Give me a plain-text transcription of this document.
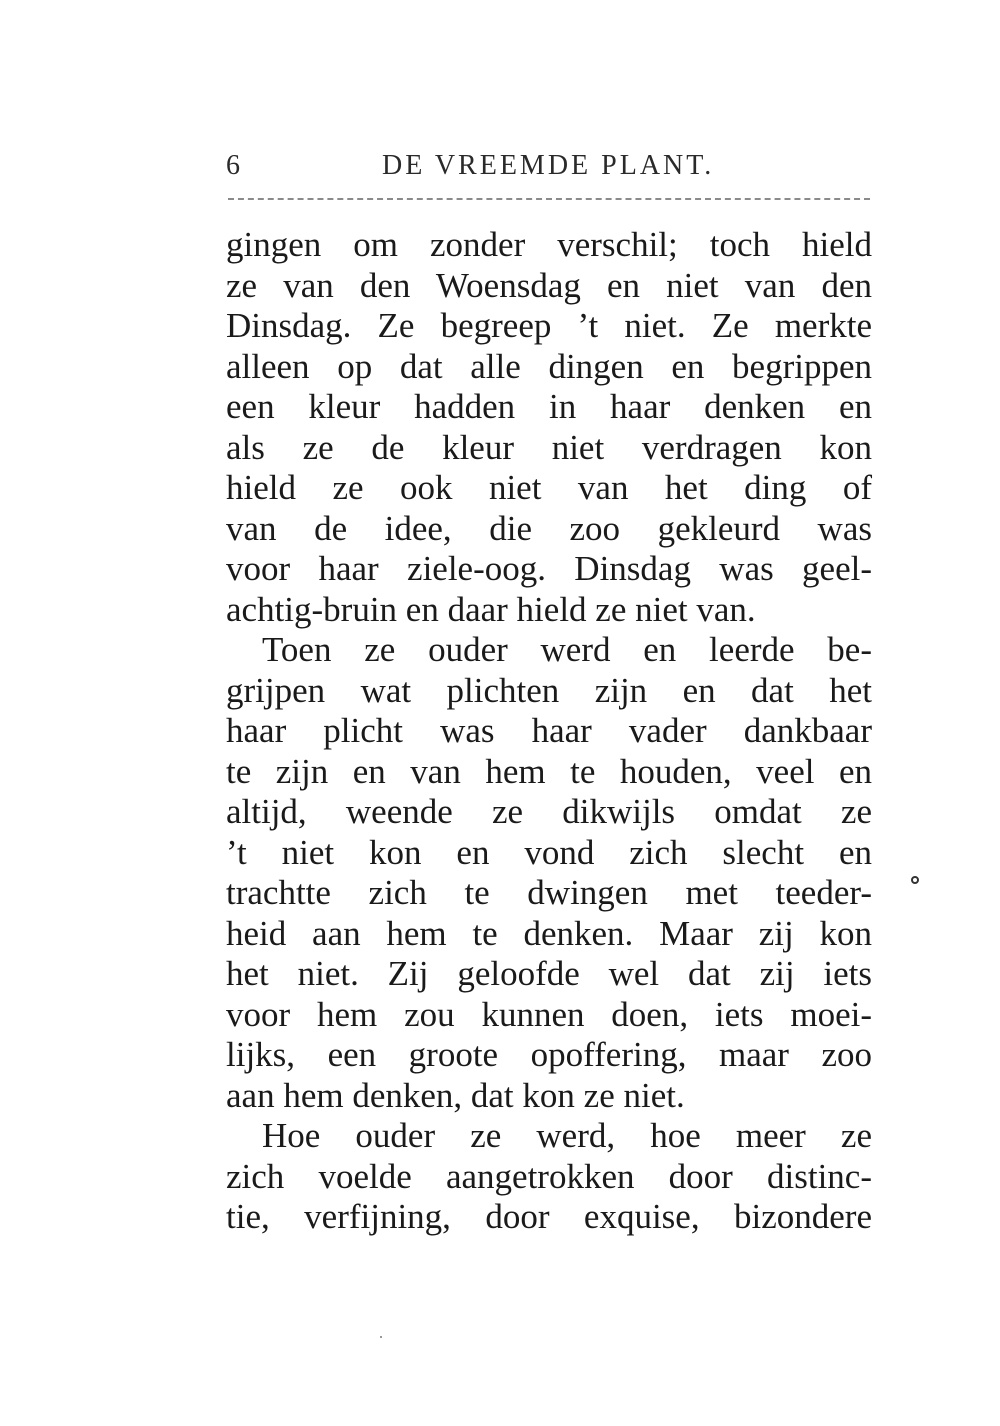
6	DE VREEMDE PLANT.
gingen om zonder verschil; toch hield
ze van den Woensdag en niet van den
Dinsdag. Ze begreep ’t niet. Ze merkte
alleen op dat alle dingen en begrippen
een kleur hadden in haar denken en
als ze de kleur niet verdragen kon
hield ze ook niet van het ding of
van de idee, die zoo gekleurd was
voor haar ziele-oog. Dinsdag was geel-
achtig-bruin en daar hield ze niet van.
Toen ze ouder werd en leerde be-
grijpen wat plichten zijn en dat het
haar plicht was haar vader dankbaar
te zijn en van hem te houden, veel en
altijd, weende ze dikwijls omdat ze
’t niet kon en vond zich slecht en
trachtte zich te dwingen met teeder-
heid aan hem te denken. Maar zij kon
het niet. Zij geloofde wel dat zij iets
voor hem zou kunnen doen, iets moei-
lijks, een groote opoffering, maar zoo
aan hem denken, dat kon ze niet.
Hoe ouder ze werd, hoe meer ze
zich voelde aangetrokken door distinc-
tie, verfijning, door exquise, bizondere
